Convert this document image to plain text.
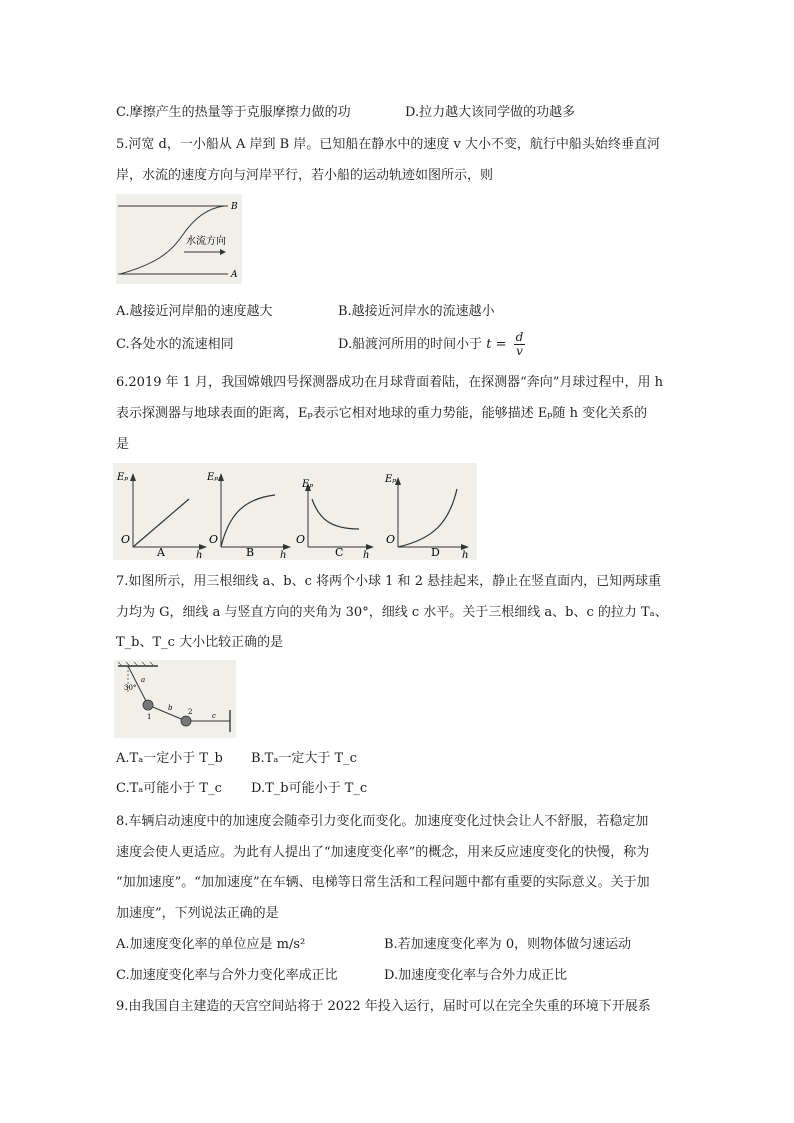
C.摩擦产生的热量等于克服摩擦力做的功	D.拉力越大该同学做的功越多
5.河宽 d，一小船从 A 岸到 B 岸。已知船在静水中的速度 v 大小不变，航行中船头始终垂直河
岸，水流的速度方向与河岸平行，若小船的运动轨迹如图所示，则
B
A
水流方向
A.越接近河岸船的速度越大	B.越接近河岸水的流速越小
C.各处水的流速相同	D.船渡河所用的时间小于 $t = \frac{d}{v}$
6.2019 年 1 月，我国嫦娥四号探测器成功在月球背面着陆，在探测器“奔向”月球过程中，用 h
表示探测器与地球表面的距离，Eₚ表示它相对地球的重力势能，能够描述 Eₚ随 h 变化关系的
是
Eₚ
O
A	h
Eₚ
O
B	h
Eₚ
O
C h
Eₚ
O
D h
7.如图所示，用三根细线 a、b、c 将两个小球 1 和 2 悬挂起来，静止在竖直面内，已知两球重
力均为 G，细线 a 与竖直方向的夹角为 30°，细线 c 水平。关于三根细线 a、b、c 的拉力 Tₐ、
T_b、T_c 大小比较正确的是
30°
a
1
b 2	c
A.Tₐ一定小于 T_b B.Tₐ一定大于 T_c
C.Tₐ可能小于 T_c D.T_b可能小于 T_c
8.车辆启动速度中的加速度会随牵引力变化而变化。加速度变化过快会让人不舒服，若稳定加
速度会使人更适应。为此有人提出了“加速度变化率”的概念，用来反应速度变化的快慢，称为
“加加速度”。“加加速度”在车辆、电梯等日常生活和工程问题中都有重要的实际意义。关于加
加速度”，下列说法正确的是
A.加速度变化率的单位应是 m/s²	B.若加速度变化率为 0，则物体做匀速运动
C.加速度变化率与合外力变化率成正比	D.加速度变化率与合外力成正比
9.由我国自主建造的天宫空间站将于 2022 年投入运行，届时可以在完全失重的环境下开展系
